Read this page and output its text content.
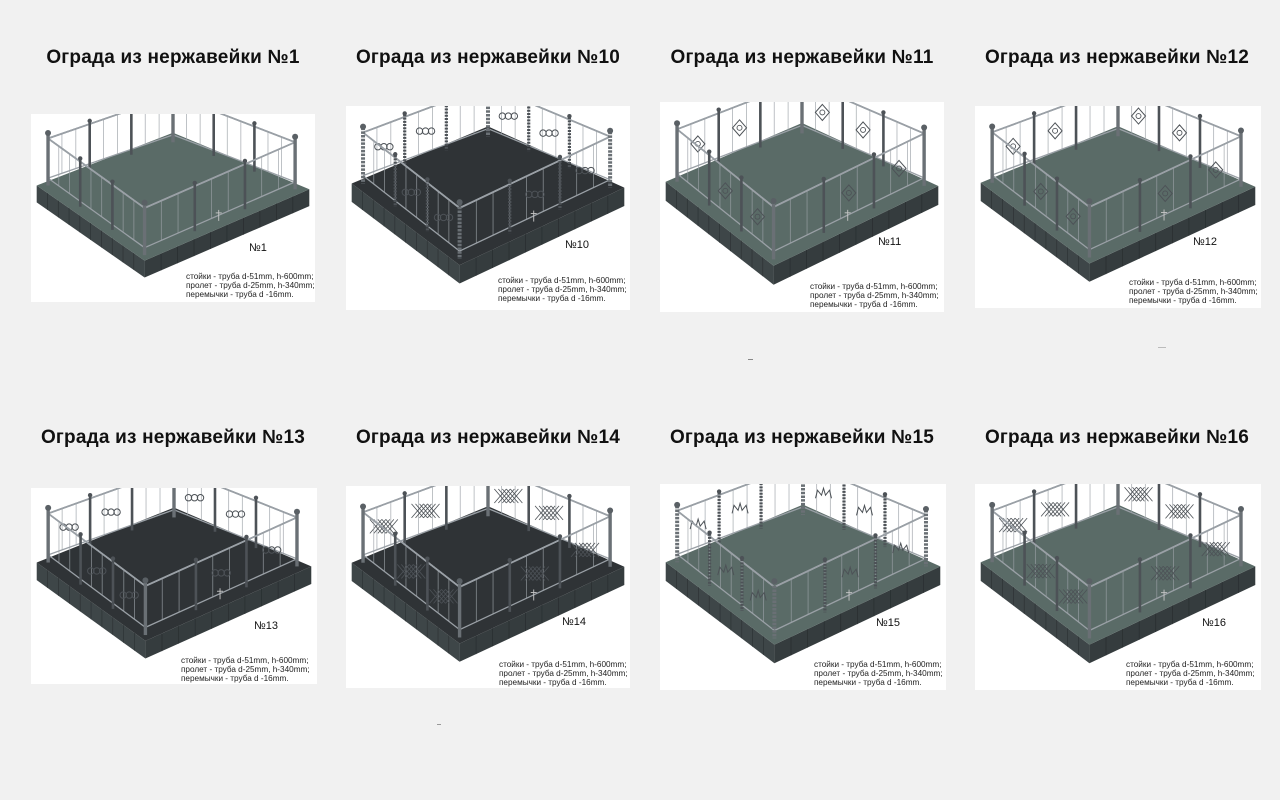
Ограда из нержавейки №1
№1
стойки - труба d-51mm, h-600mm;
пролет - труба d-25mm, h-340mm;
перемычки - труба d -16mm.
Ограда из нержавейки №10
№10
стойки - труба d-51mm, h-600mm;
пролет - труба d-25mm, h-340mm;
перемычки - труба d -16mm.
Ограда из нержавейки №11
№11
стойки - труба d-51mm, h-600mm;
пролет - труба d-25mm, h-340mm;
перемычки - труба d -16mm.
Ограда из нержавейки №12
№12
стойки - труба d-51mm, h-600mm;
пролет - труба d-25mm, h-340mm;
перемычки - труба d -16mm.
Ограда из нержавейки №13
№13
стойки - труба d-51mm, h-600mm;
пролет - труба d-25mm, h-340mm;
перемычки - труба d -16mm.
Ограда из нержавейки №14
№14
стойки - труба d-51mm, h-600mm;
пролет - труба d-25mm, h-340mm;
перемычки - труба d -16mm.
Ограда из нержавейки №15
№15
стойки - труба d-51mm, h-600mm;
пролет - труба d-25mm, h-340mm;
перемычки - труба d -16mm.
Ограда из нержавейки №16
№16
стойки - труба d-51mm, h-600mm;
пролет - труба d-25mm, h-340mm;
перемычки - труба d -16mm.
